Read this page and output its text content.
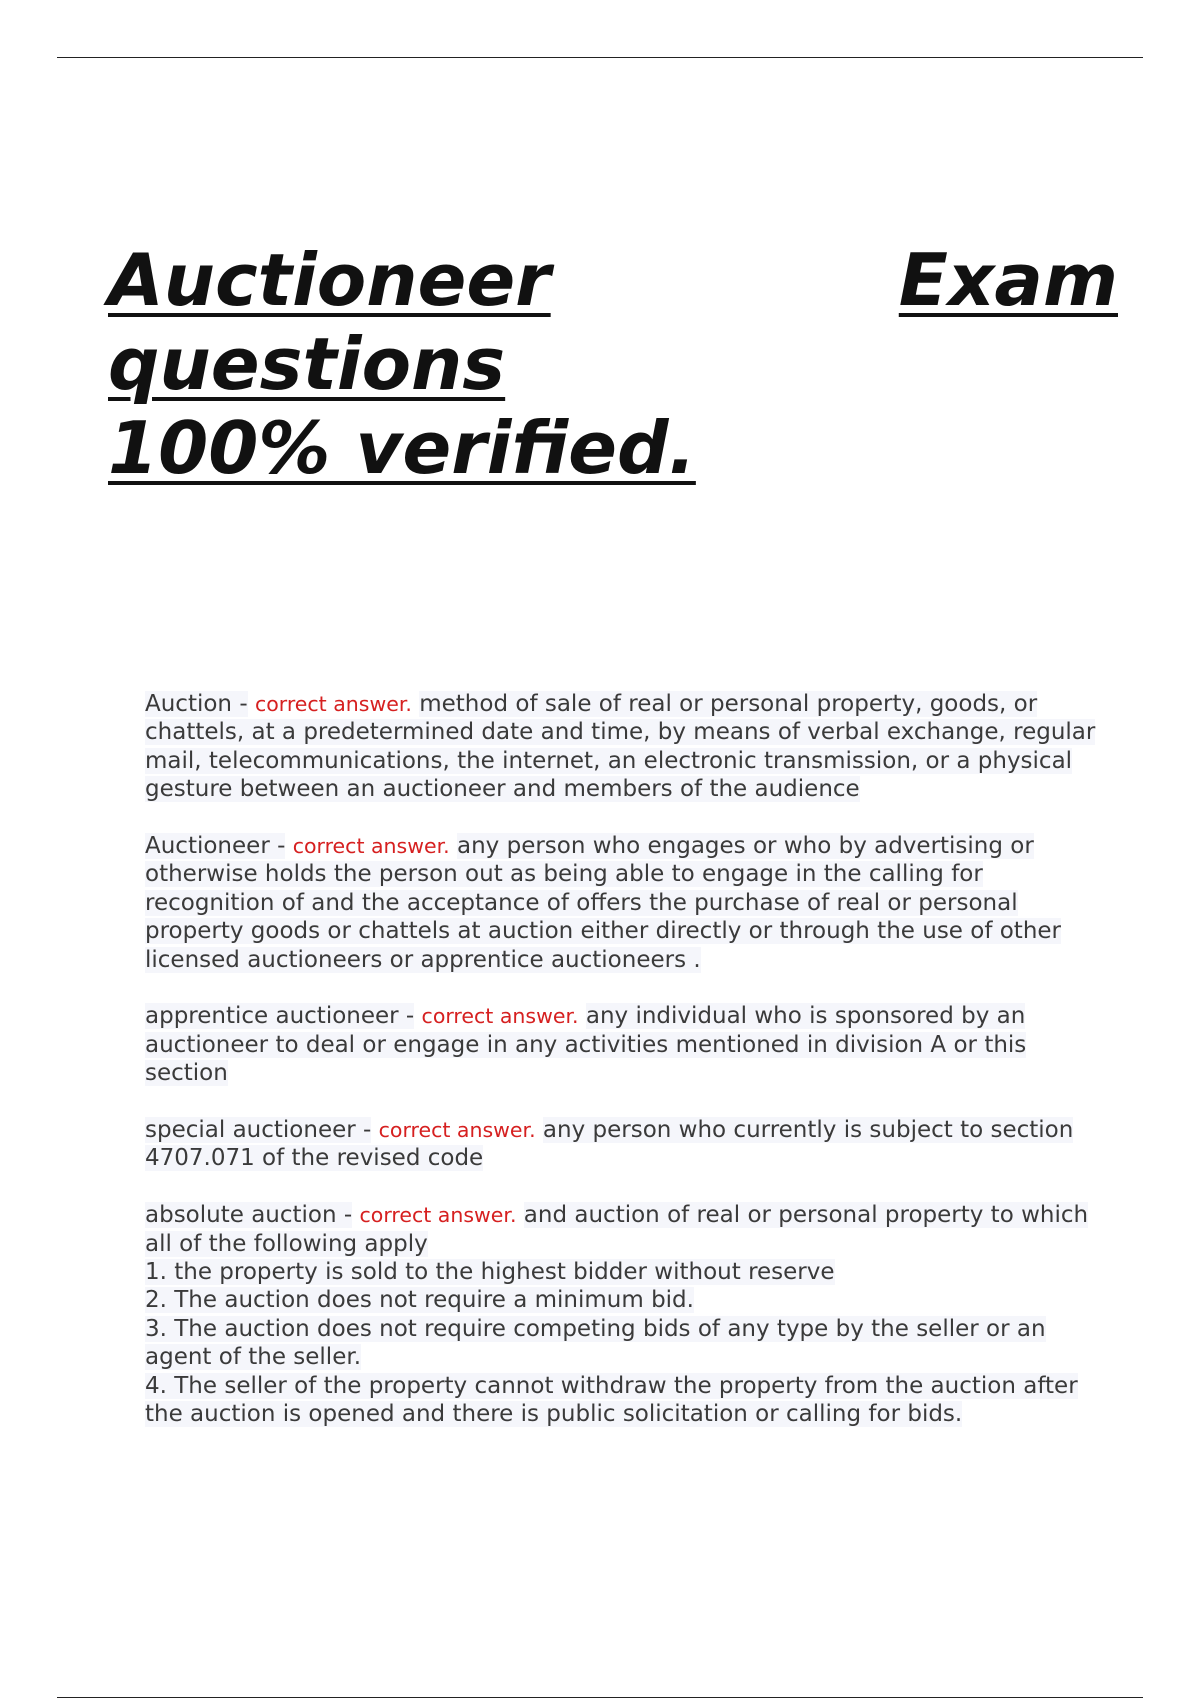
Auctioneer	Exam
questions
100% verified.

Auction - correct answer. method of sale of real or personal property, goods, or chattels, at a predetermined date and time, by means of verbal exchange, regular mail, telecommunications, the internet, an electronic transmission, or a physical gesture between an auctioneer and members of the audience

Auctioneer - correct answer. any person who engages or who by advertising or otherwise holds the person out as being able to engage in the calling for recognition of and the acceptance of offers the purchase of real or personal property goods or chattels at auction either directly or through the use of other licensed auctioneers or apprentice auctioneers .

apprentice auctioneer - correct answer. any individual who is sponsored by an auctioneer to deal or engage in any activities mentioned in division A or this section

special auctioneer - correct answer. any person who currently is subject to section 4707.071 of the revised code

absolute auction - correct answer. and auction of real or personal property to which all of the following apply
1. the property is sold to the highest bidder without reserve
2. The auction does not require a minimum bid.
3. The auction does not require competing bids of any type by the seller or an agent of the seller.
4. The seller of the property cannot withdraw the property from the auction after the auction is opened and there is public solicitation or calling for bids.
